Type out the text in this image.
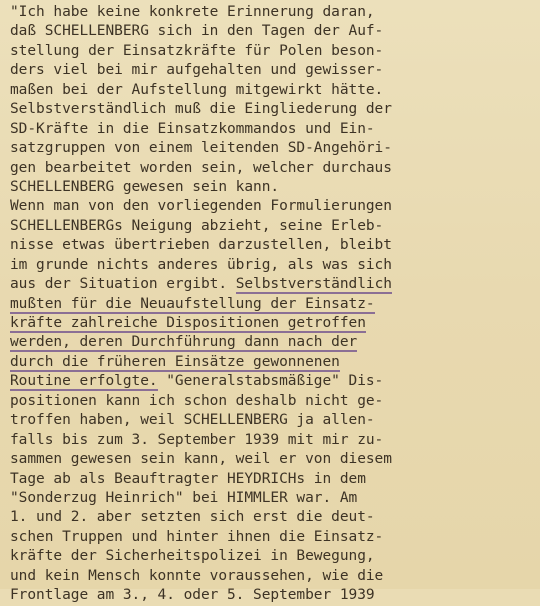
"Ich habe keine konkrete Erinnerung daran,
daß SCHELLENBERG sich in den Tagen der Auf-
stellung der Einsatzkräfte für Polen beson-
ders viel bei mir aufgehalten und gewisser-
maßen bei der Aufstellung mitgewirkt hätte.
Selbstverständlich muß die Eingliederung der
SD-Kräfte in die Einsatzkommandos und Ein-
satzgruppen von einem leitenden SD-Angehöri-
gen bearbeitet worden sein, welcher durchaus
SCHELLENBERG gewesen sein kann.
Wenn man von den vorliegenden Formulierungen
SCHELLENBERGs Neigung abzieht, seine Erleb-
nisse etwas übertrieben darzustellen, bleibt
im grunde nichts anderes übrig, als was sich
aus der Situation ergibt. Selbstverständlich
mußten für die Neuaufstellung der Einsatz-
kräfte zahlreiche Dispositionen getroffen
werden, deren Durchführung dann nach der
durch die früheren Einsätze gewonnenen
Routine erfolgte. "Generalstabsmäßige" Dis-
positionen kann ich schon deshalb nicht ge-
troffen haben, weil SCHELLENBERG ja allen-
falls bis zum 3. September 1939 mit mir zu-
sammen gewesen sein kann, weil er von diesem
Tage ab als Beauftragter HEYDRICHs in dem
"Sonderzug Heinrich" bei HIMMLER war. Am
1. und 2. aber setzten sich erst die deut-
schen Truppen und hinter ihnen die Einsatz-
kräfte der Sicherheitspolizei in Bewegung,
und kein Mensch konnte voraussehen, wie die
Frontlage am 3., 4. oder 5. September 1939
